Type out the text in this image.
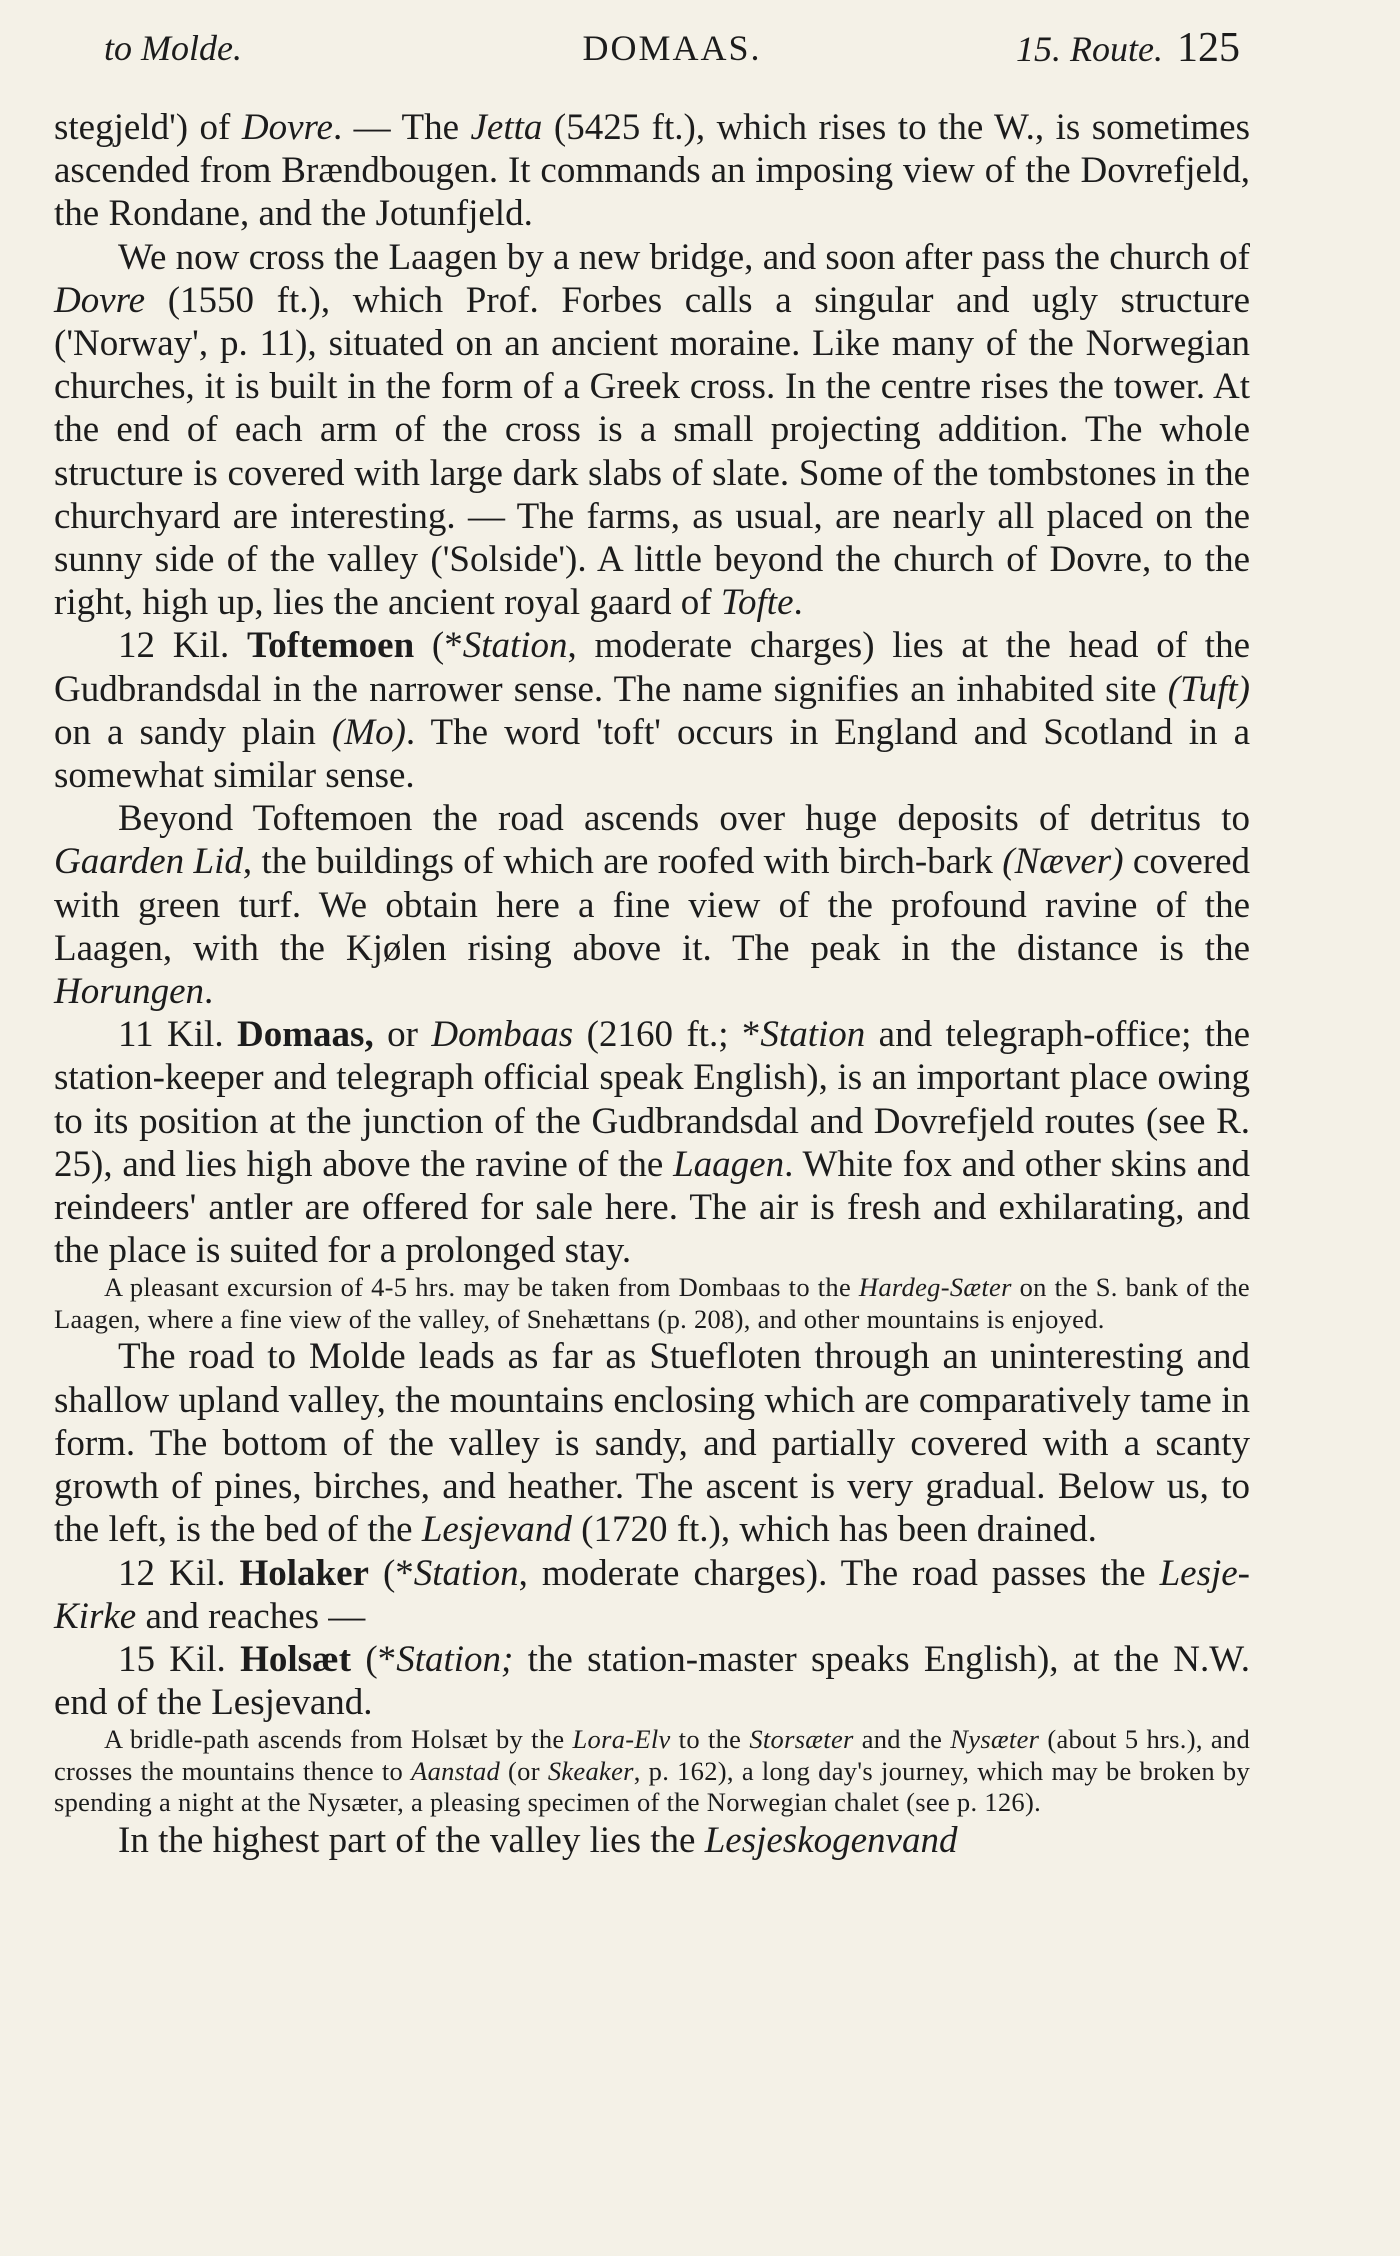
to Molde.	DOMAAS.	15. Route. 125

stegjeld') of Dovre. — The Jetta (5425 ft.), which rises to the W., is sometimes ascended from Brændbougen. It commands an imposing view of the Dovrefjeld, the Rondane, and the Jotunfjeld.

We now cross the Laagen by a new bridge, and soon after pass the church of Dovre (1550 ft.), which Prof. Forbes calls a singular and ugly structure ('Norway', p. 11), situated on an ancient moraine. Like many of the Norwegian churches, it is built in the form of a Greek cross. In the centre rises the tower. At the end of each arm of the cross is a small projecting addition. The whole structure is covered with large dark slabs of slate. Some of the tombstones in the churchyard are interesting. — The farms, as usual, are nearly all placed on the sunny side of the valley ('Solside'). A little beyond the church of Dovre, to the right, high up, lies the ancient royal gaard of Tofte.

12 Kil. Toftemoen (*Station, moderate charges) lies at the head of the Gudbrandsdal in the narrower sense. The name signifies an inhabited site (Tuft) on a sandy plain (Mo). The word 'toft' occurs in England and Scotland in a somewhat similar sense.

Beyond Toftemoen the road ascends over huge deposits of detritus to Gaarden Lid, the buildings of which are roofed with birch-bark (Næver) covered with green turf. We obtain here a fine view of the profound ravine of the Laagen, with the Kjølen rising above it. The peak in the distance is the Horungen.

11 Kil. Domaas, or Dombaas (2160 ft.; *Station and telegraph-office; the station-keeper and telegraph official speak English), is an important place owing to its position at the junction of the Gudbrandsdal and Dovrefjeld routes (see R. 25), and lies high above the ravine of the Laagen. White fox and other skins and reindeers' antler are offered for sale here. The air is fresh and exhilarating, and the place is suited for a prolonged stay.

A pleasant excursion of 4-5 hrs. may be taken from Dombaas to the Hardeg-Sæter on the S. bank of the Laagen, where a fine view of the valley, of Snehættans (p. 208), and other mountains is enjoyed.

The road to Molde leads as far as Stuefloten through an uninteresting and shallow upland valley, the mountains enclosing which are comparatively tame in form. The bottom of the valley is sandy, and partially covered with a scanty growth of pines, birches, and heather. The ascent is very gradual. Below us, to the left, is the bed of the Lesjevand (1720 ft.), which has been drained.

12 Kil. Holaker (*Station, moderate charges). The road passes the Lesje-Kirke and reaches —

15 Kil. Holsæt (*Station; the station-master speaks English), at the N.W. end of the Lesjevand.

A bridle-path ascends from Holsæt by the Lora-Elv to the Storsæter and the Nysæter (about 5 hrs.), and crosses the mountains thence to Aanstad (or Skeaker, p. 162), a long day's journey, which may be broken by spending a night at the Nysæter, a pleasing specimen of the Norwegian chalet (see p. 126).

In the highest part of the valley lies the Lesjeskogenvand
